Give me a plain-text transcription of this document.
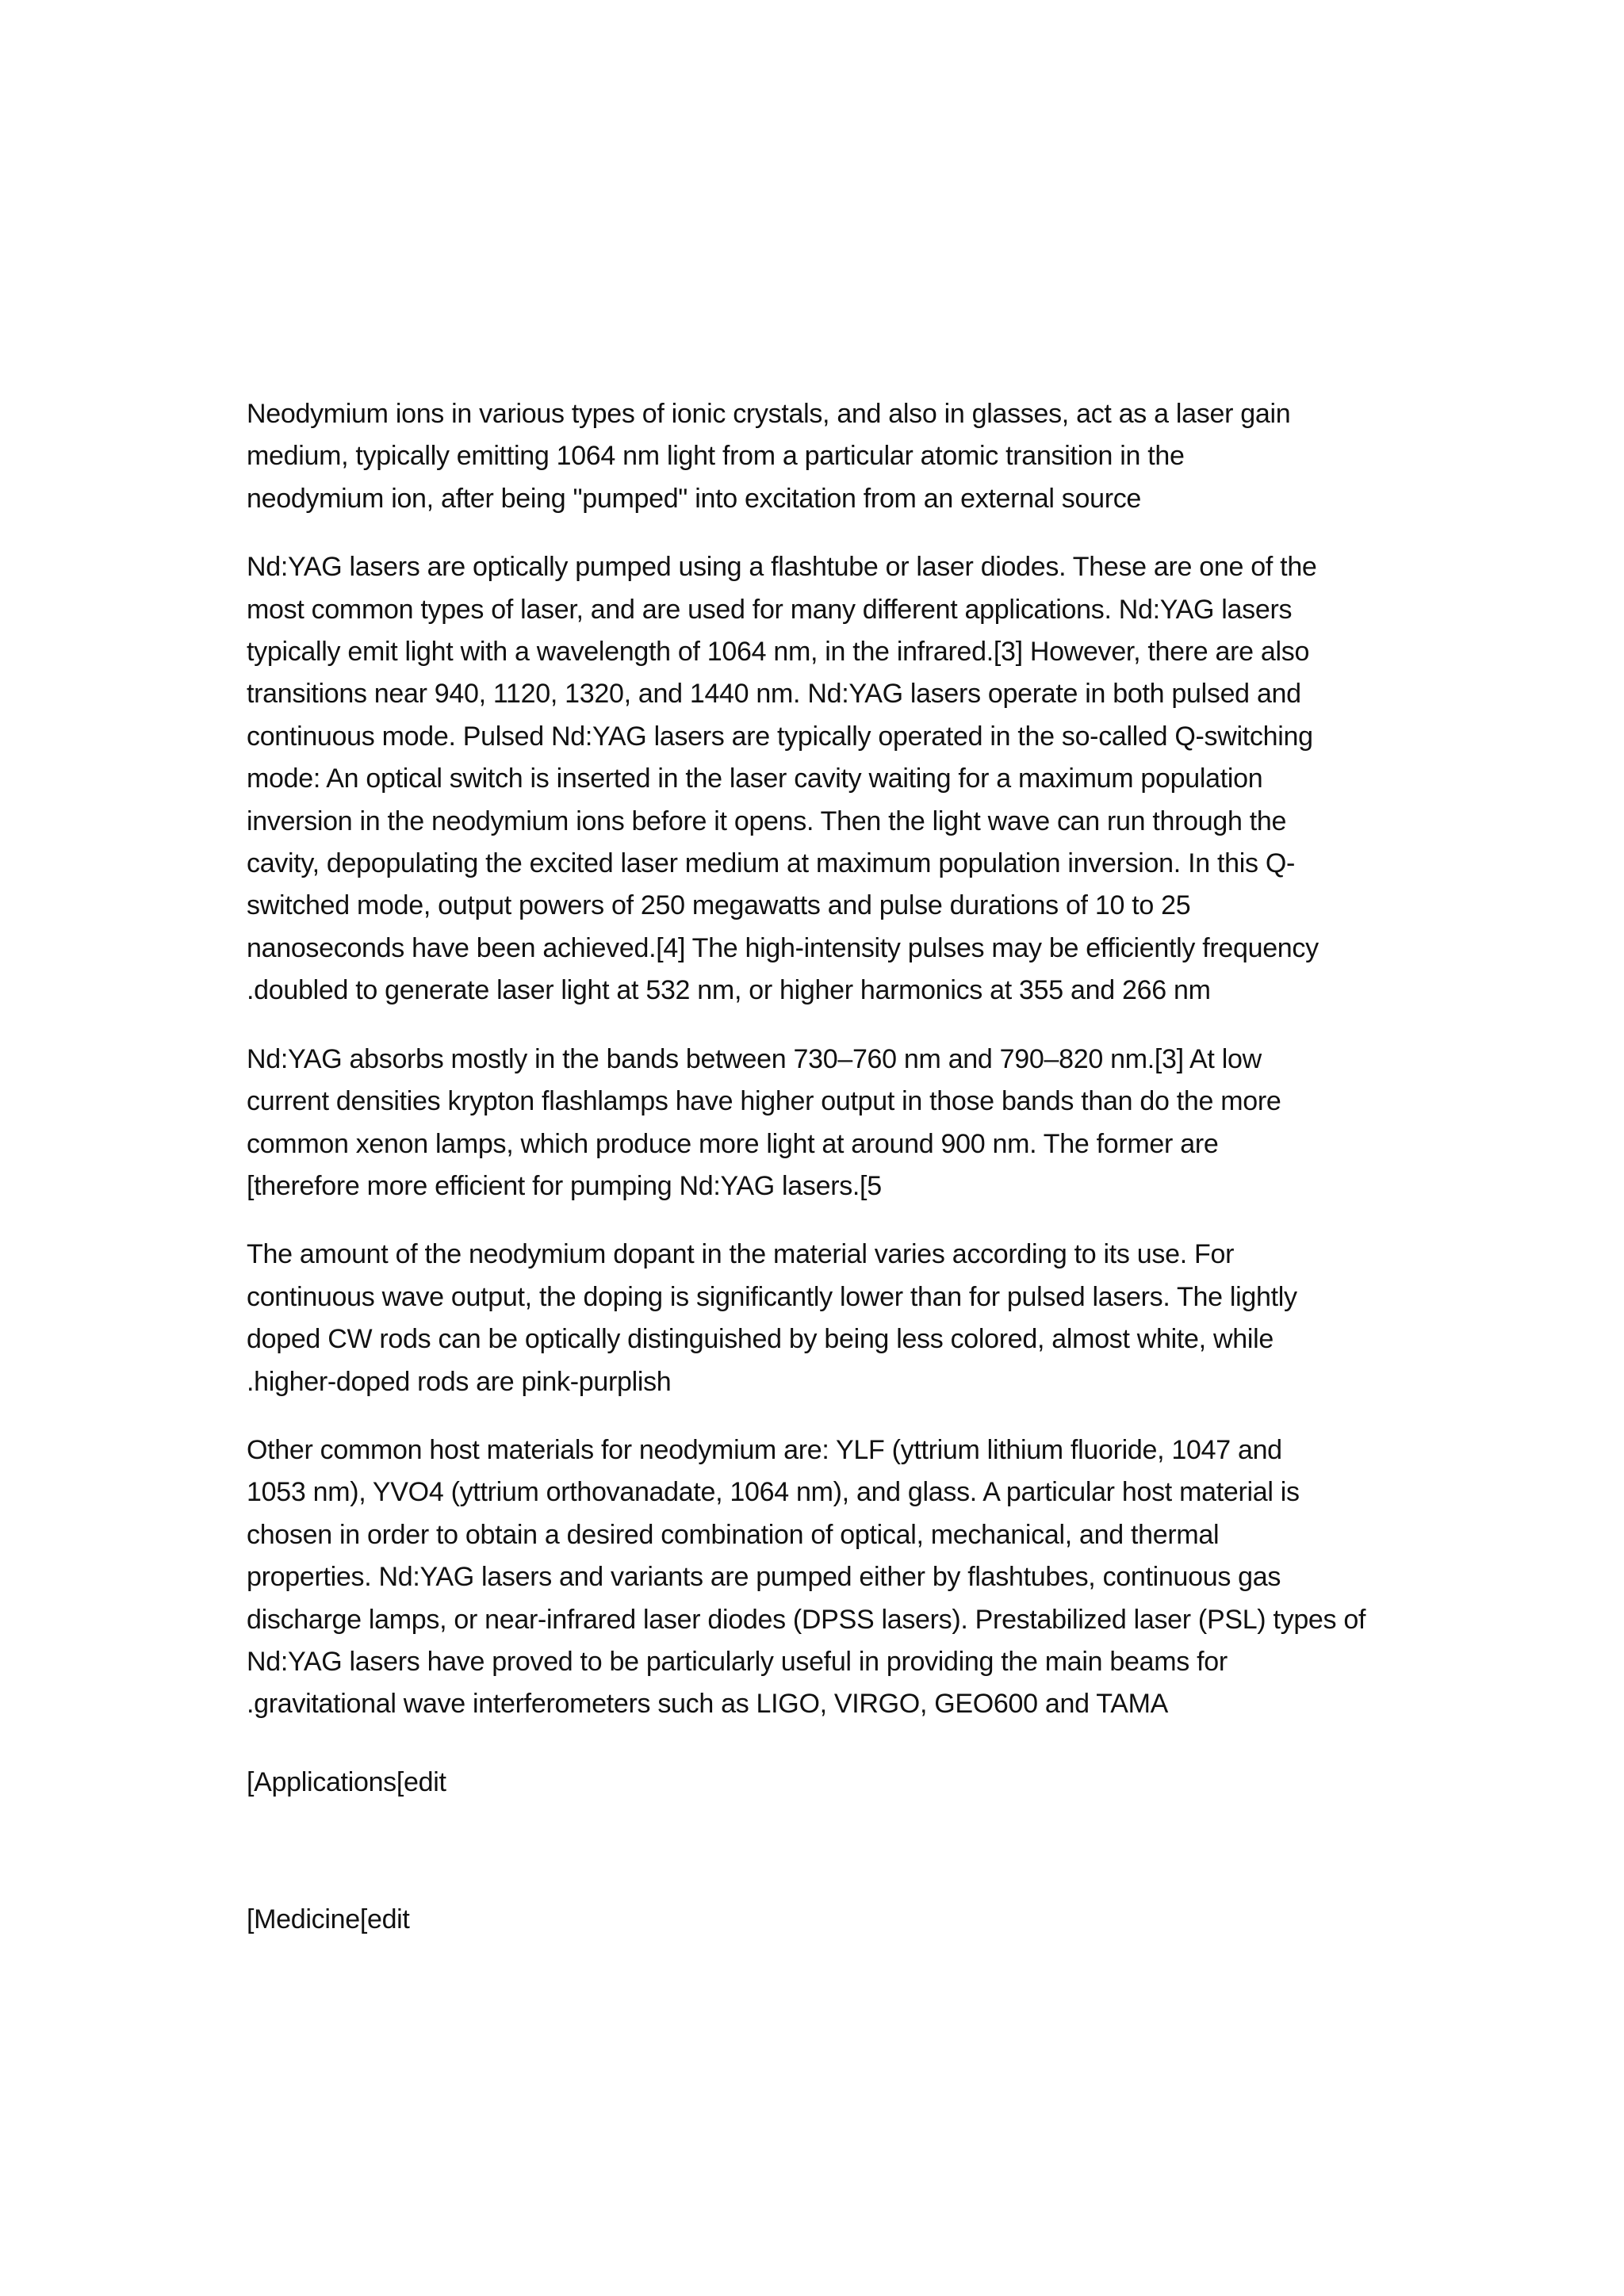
Neodymium ions in various types of ionic crystals, and also in glasses, act as a laser gain
medium, typically emitting 1064 nm light from a particular atomic transition in the
neodymium ion, after being "pumped" into excitation from an external source

Nd:YAG lasers are optically pumped using a flashtube or laser diodes. These are one of the
most common types of laser, and are used for many different applications. Nd:YAG lasers
typically emit light with a wavelength of 1064 nm, in the infrared.[3] However, there are also
transitions near 940, 1120, 1320, and 1440 nm. Nd:YAG lasers operate in both pulsed and
continuous mode. Pulsed Nd:YAG lasers are typically operated in the so-called Q-switching
mode: An optical switch is inserted in the laser cavity waiting for a maximum population
inversion in the neodymium ions before it opens. Then the light wave can run through the
cavity, depopulating the excited laser medium at maximum population inversion. In this Q-
switched mode, output powers of 250 megawatts and pulse durations of 10 to 25
nanoseconds have been achieved.[4] The high-intensity pulses may be efficiently frequency
.doubled to generate laser light at 532 nm, or higher harmonics at 355 and 266 nm

Nd:YAG absorbs mostly in the bands between 730–760 nm and 790–820 nm.[3] At low
current densities krypton flashlamps have higher output in those bands than do the more
common xenon lamps, which produce more light at around 900 nm. The former are
[therefore more efficient for pumping Nd:YAG lasers.[5

The amount of the neodymium dopant in the material varies according to its use. For
continuous wave output, the doping is significantly lower than for pulsed lasers. The lightly
doped CW rods can be optically distinguished by being less colored, almost white, while
.higher-doped rods are pink-purplish

Other common host materials for neodymium are: YLF (yttrium lithium fluoride, 1047 and
1053 nm), YVO4 (yttrium orthovanadate, 1064 nm), and glass. A particular host material is
chosen in order to obtain a desired combination of optical, mechanical, and thermal
properties. Nd:YAG lasers and variants are pumped either by flashtubes, continuous gas
discharge lamps, or near-infrared laser diodes (DPSS lasers). Prestabilized laser (PSL) types of
Nd:YAG lasers have proved to be particularly useful in providing the main beams for
.gravitational wave interferometers such as LIGO, VIRGO, GEO600 and TAMA

[Applications[edit
[Medicine[edit
